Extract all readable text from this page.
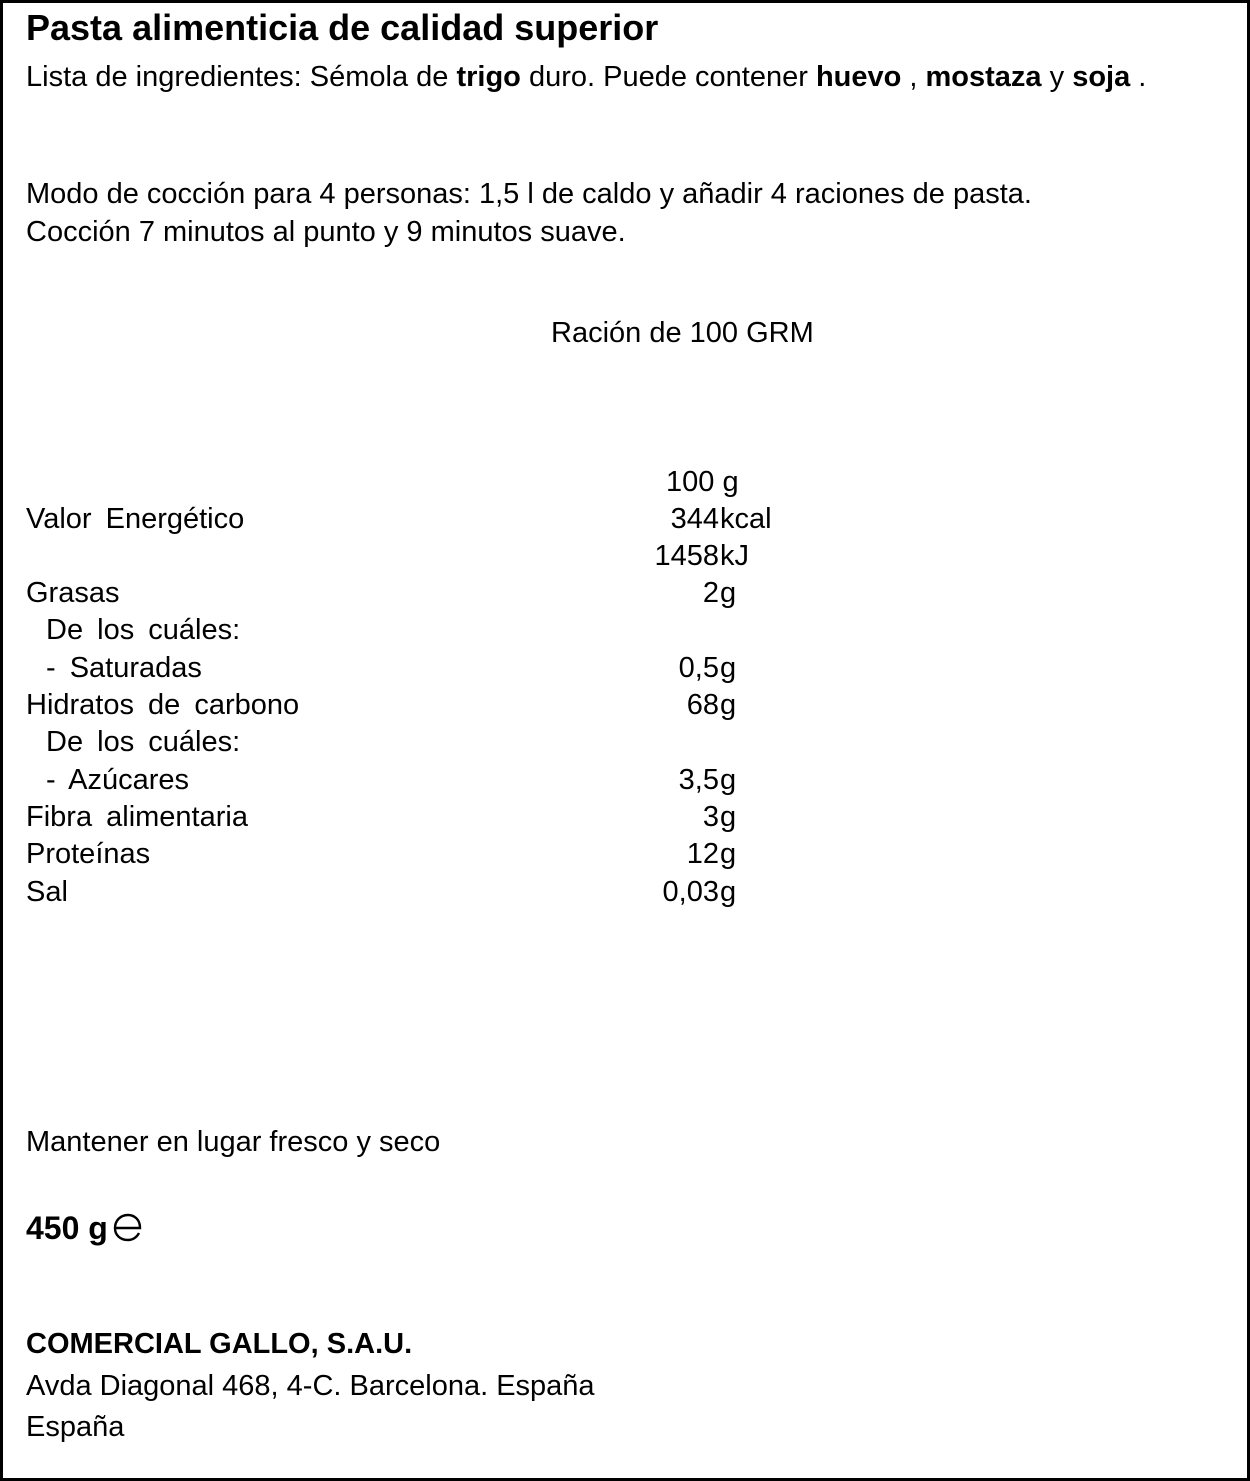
Pasta alimenticia de calidad superior
Lista de ingredientes: Sémola de trigo duro. Puede contener huevo , mostaza y soja .
Modo de cocción para 4 personas: 1,5 l de caldo y añadir 4 raciones de pasta.
Cocción 7 minutos al punto y 9 minutos suave.
Ración de 100 GRM
100 g
Valor Energético	344 kcal
1458 kJ
Grasas	2 g
De los cuáles:
- Saturadas	0,5 g
Hidratos de carbono	68 g
De los cuáles:
- Azúcares	3,5 g
Fibra alimentaria	3 g
Proteínas	12 g
Sal	0,03 g
Mantener en lugar fresco y seco
450 g
COMERCIAL GALLO, S.A.U.
Avda Diagonal 468, 4-C. Barcelona. España
España
